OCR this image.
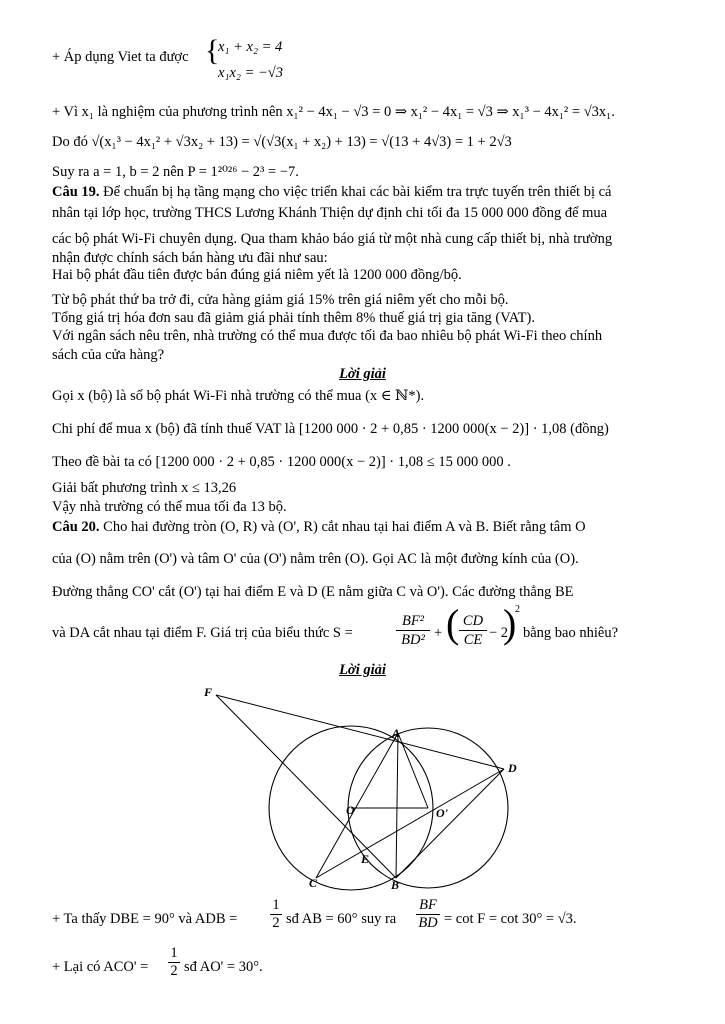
+ Áp dụng Viet ta được {
x₁ + x₂ = 4
x₁x₂ = −√3
+ Vì x₁ là nghiệm của phương trình nên x₁² − 4x₁ − √3 = 0 ⇒ x₁² − 4x₁ = √3 ⇒ x₁³ − 4x₁² = √3x₁.
Do đó √(x₁³ − 4x₁² + √3x₂ + 13) = √(√3(x₁ + x₂) + 13) = √(13 + 4√3) = 1 + 2√3
Suy ra a = 1, b = 2 nên P = 1²⁰²⁶ − 2³ = −7.
Câu 19. Để chuẩn bị hạ tầng mạng cho việc triển khai các bài kiểm tra trực tuyến trên thiết bị cá
nhân tại lớp học, trường THCS Lương Khánh Thiện dự định chi tối đa 15 000 000 đồng để mua
các bộ phát Wi-Fi chuyên dụng. Qua tham khảo báo giá từ một nhà cung cấp thiết bị, nhà trường
nhận được chính sách bán hàng ưu đãi như sau:
Hai bộ phát đầu tiên được bán đúng giá niêm yết là 1200 000 đồng/bộ.
Từ bộ phát thứ ba trở đi, cửa hàng giảm giá 15% trên giá niêm yết cho mỗi bộ.
Tổng giá trị hóa đơn sau đã giảm giá phải tính thêm 8% thuế giá trị gia tăng (VAT).
Với ngân sách nêu trên, nhà trường có thể mua được tối đa bao nhiêu bộ phát Wi-Fi theo chính
sách của cửa hàng?
Lời giải
Gọi x (bộ) là số bộ phát Wi-Fi nhà trường có thể mua (x ∈ ℕ*).
Chi phí để mua x (bộ) đã tính thuế VAT là [1200 000 · 2 + 0,85 · 1200 000(x − 2)] · 1,08 (đồng)
Theo đề bài ta có [1200 000 · 2 + 0,85 · 1200 000(x − 2)] · 1,08 ≤ 15 000 000 .
Giải bất phương trình x ≤ 13,26
Vậy nhà trường có thể mua tối đa 13 bộ.
Câu 20. Cho hai đường tròn (O, R) và (O', R) cắt nhau tại hai điểm A và B. Biết rằng tâm O
của (O) nằm trên (O') và tâm O' của (O') nằm trên (O). Gọi AC là một đường kính của (O).
Đường thẳng CO' cắt (O') tại hai điểm E và D (E nằm giữa C và O'). Các đường thẳng BE
và DA cắt nhau tại điểm F. Giá trị của biểu thức S =	$\frac{\text{BF²}}{\text{BD²}}$ + ( $\frac{CD}{CE} - 2$
)
2
bằng bao nhiêu?
Lời giải
F
A
D
O	O'
E
C	B
+ Ta thấy DBE = 90° và ADB = $\frac{1}{2}$ sđ AB = 60° suy ra $\frac{BF}{BD} = \cot F = \cot 30^\circ = √3$.
+ Lại có $ACO' = \frac{1}{2}$ sđ AO' = 30°.
